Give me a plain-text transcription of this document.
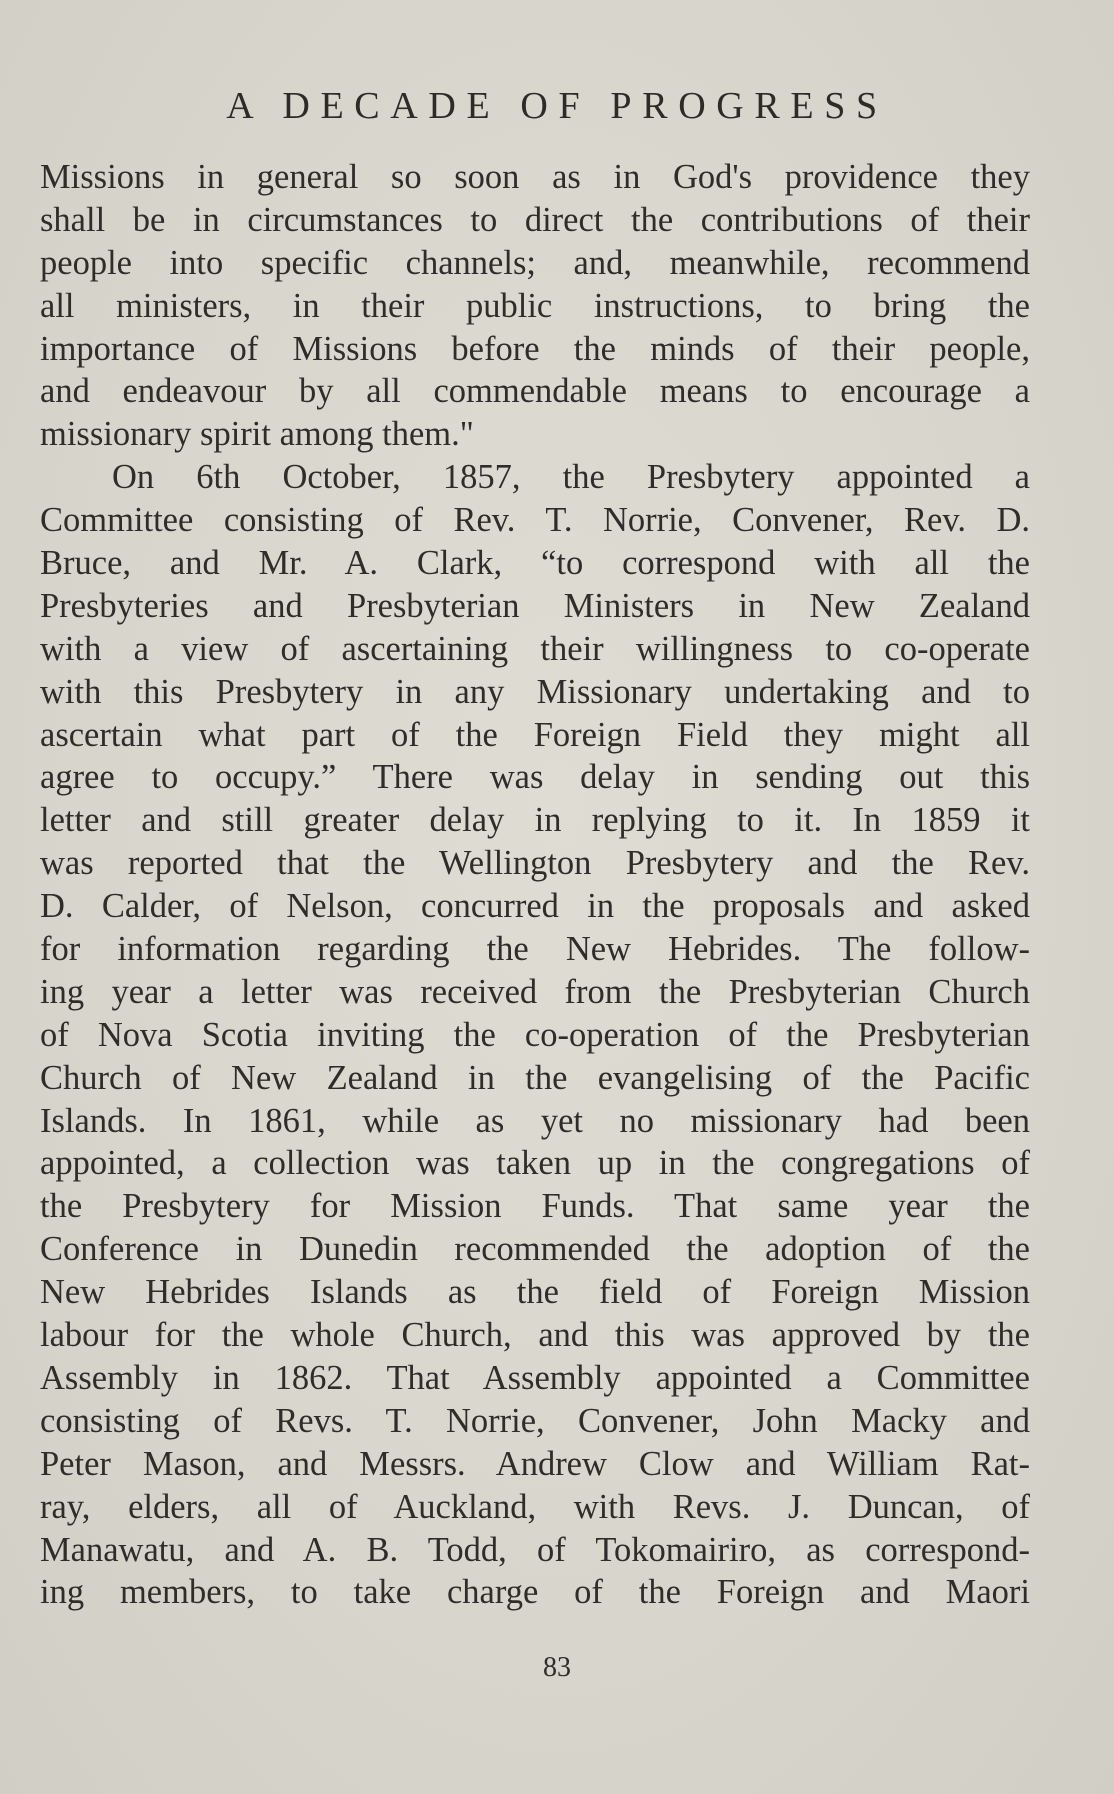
A DECADE OF PROGRESS
Missions in general so soon as in God's providence they
shall be in circumstances to direct the contributions of their
people into specific channels; and, meanwhile, recommend
all ministers, in their public instructions, to bring the
importance of Missions before the minds of their people,
and endeavour by all commendable means to encourage a
missionary spirit among them."
On 6th October, 1857, the Presbytery appointed a
Committee consisting of Rev. T. Norrie, Convener, Rev. D.
Bruce, and Mr. A. Clark, “to correspond with all the
Presbyteries and Presbyterian Ministers in New Zealand
with a view of ascertaining their willingness to co-operate
with this Presbytery in any Missionary undertaking and to
ascertain what part of the Foreign Field they might all
agree to occupy.” There was delay in sending out this
letter and still greater delay in replying to it. In 1859 it
was reported that the Wellington Presbytery and the Rev.
D. Calder, of Nelson, concurred in the proposals and asked
for information regarding the New Hebrides. The follow-
ing year a letter was received from the Presbyterian Church
of Nova Scotia inviting the co-operation of the Presbyterian
Church of New Zealand in the evangelising of the Pacific
Islands. In 1861, while as yet no missionary had been
appointed, a collection was taken up in the congregations of
the Presbytery for Mission Funds. That same year the
Conference in Dunedin recommended the adoption of the
New Hebrides Islands as the field of Foreign Mission
labour for the whole Church, and this was approved by the
Assembly in 1862. That Assembly appointed a Committee
consisting of Revs. T. Norrie, Convener, John Macky and
Peter Mason, and Messrs. Andrew Clow and William Rat-
ray, elders, all of Auckland, with Revs. J. Duncan, of
Manawatu, and A. B. Todd, of Tokomairiro, as correspond-
ing members, to take charge of the Foreign and Maori
83
